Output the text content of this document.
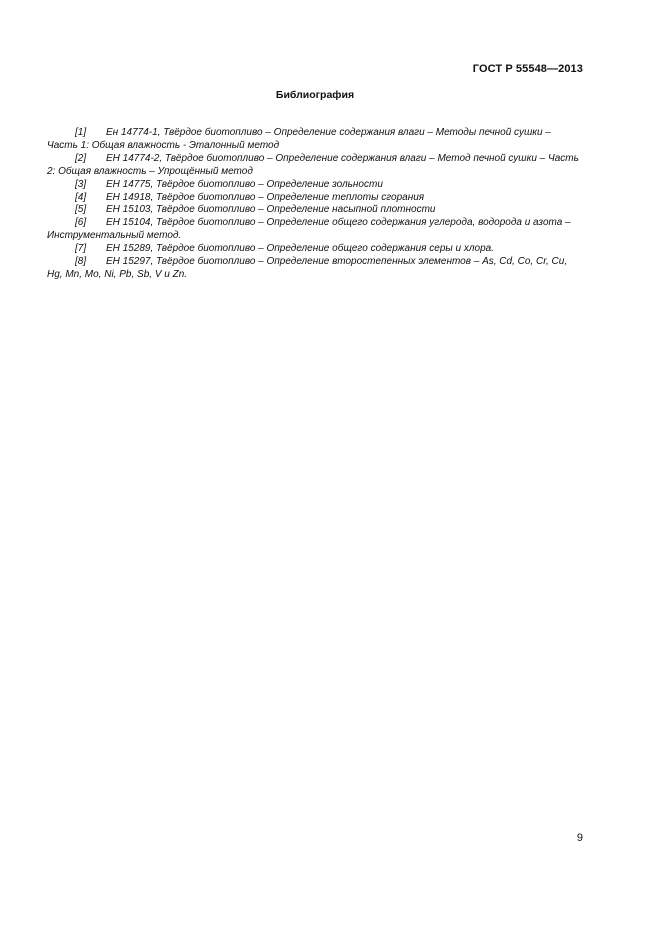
ГОСТ Р 55548—2013
Библиография

[1] Ен 14774-1, Твёрдое биотопливо – Определение содержания влаги – Методы печной сушки – Часть 1: Общая влажность - Эталонный метод

[2] ЕН 14774-2, Твёрдое биотопливо – Определение содержания влаги – Метод печной сушки – Часть 2: Общая влажность – Упрощённый метод

[3] ЕН 14775, Твёрдое биотопливо – Определение зольности

[4] ЕН 14918, Твёрдое биотопливо – Определение теплоты сгорания

[5] ЕН 15103, Твёрдое биотопливо – Определение насыпной плотности

[6] ЕН 15104, Твёрдое биотопливо – Определение общего содержания углерода, водорода и азота – Инструментальный метод.

[7] ЕН 15289, Твёрдое биотопливо – Определение общего содержания серы и хлора.

[8] ЕН 15297, Твёрдое биотопливо – Определение второстепенных элементов – As, Cd, Co, Cr, Cu, Hg, Mn, Mo, Ni, Pb, Sb, V и Zn.

9
